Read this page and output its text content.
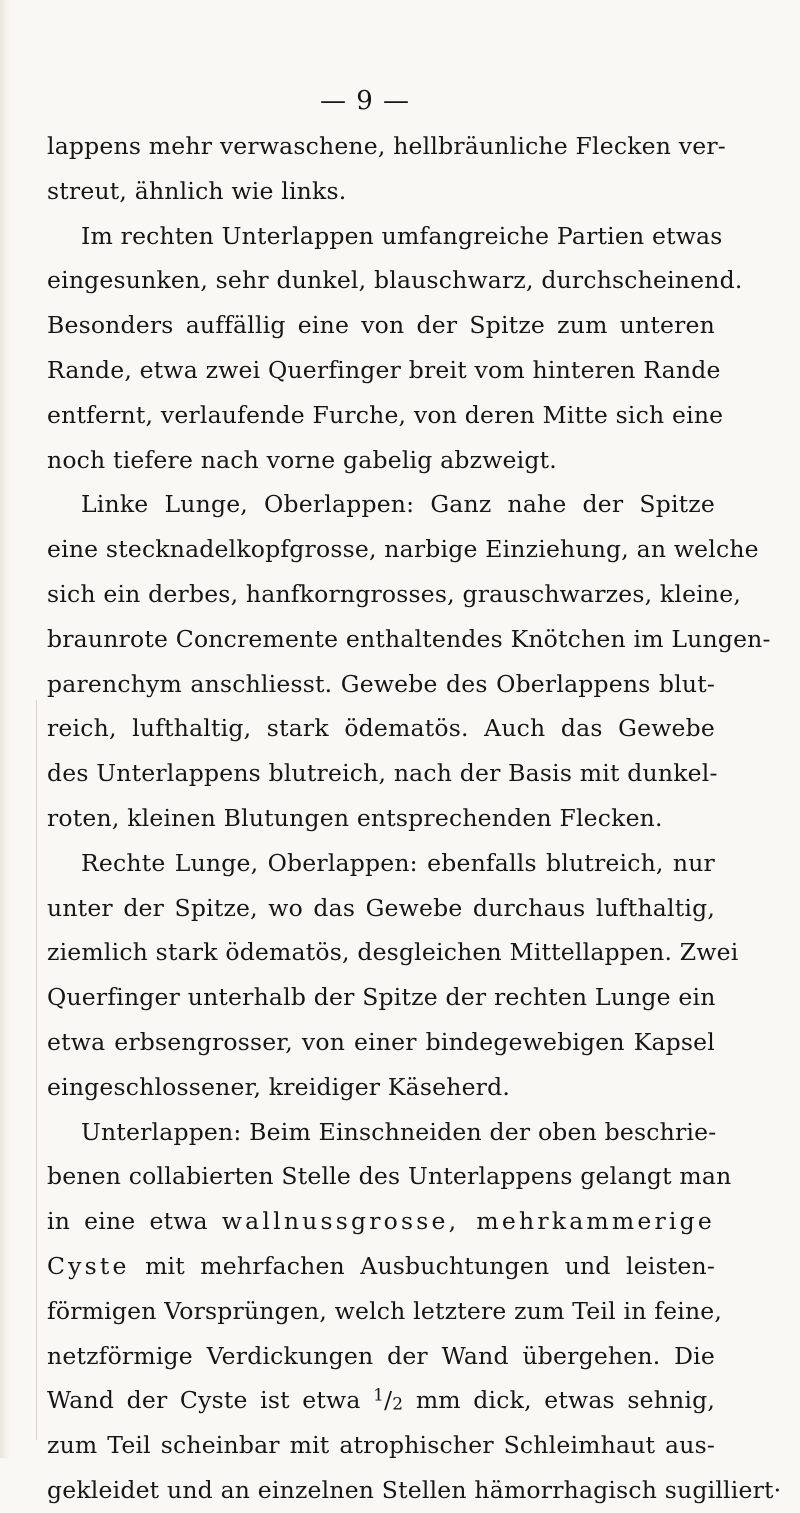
— 9 —
lappens mehr verwaschene, hellbräunliche Flecken ver-
streut, ähnlich wie links.
Im rechten Unterlappen umfangreiche Partien etwas
eingesunken, sehr dunkel, blauschwarz, durchscheinend.
Besonders auffällig eine von der Spitze zum unteren
Rande, etwa zwei Querfinger breit vom hinteren Rande
entfernt, verlaufende Furche, von deren Mitte sich eine
noch tiefere nach vorne gabelig abzweigt.
Linke Lunge, Oberlappen: Ganz nahe der Spitze
eine stecknadelkopfgrosse, narbige Einziehung, an welche
sich ein derbes, hanfkorngrosses, grauschwarzes, kleine,
braunrote Concremente enthaltendes Knötchen im Lungen-
parenchym anschliesst. Gewebe des Oberlappens blut-
reich, lufthaltig, stark ödematös. Auch das Gewebe
des Unterlappens blutreich, nach der Basis mit dunkel-
roten, kleinen Blutungen entsprechenden Flecken.
Rechte Lunge, Oberlappen: ebenfalls blutreich, nur
unter der Spitze, wo das Gewebe durchaus lufthaltig,
ziemlich stark ödematös, desgleichen Mittellappen. Zwei
Querfinger unterhalb der Spitze der rechten Lunge ein
etwa erbsengrosser, von einer bindegewebigen Kapsel
eingeschlossener, kreidiger Käseherd.
Unterlappen: Beim Einschneiden der oben beschrie-
benen collabierten Stelle des Unterlappens gelangt man
in eine etwa wallnussgrosse, mehrkammerige
Cyste mit mehrfachen Ausbuchtungen und leisten-
förmigen Vorsprüngen, welch letztere zum Teil in feine,
netzförmige Verdickungen der Wand übergehen. Die
Wand der Cyste ist etwa $^1$/2 mm dick, etwas sehnig,
zum Teil scheinbar mit atrophischer Schleimhaut aus-
gekleidet und an einzelnen Stellen hämorrhagisch sugilliert·
